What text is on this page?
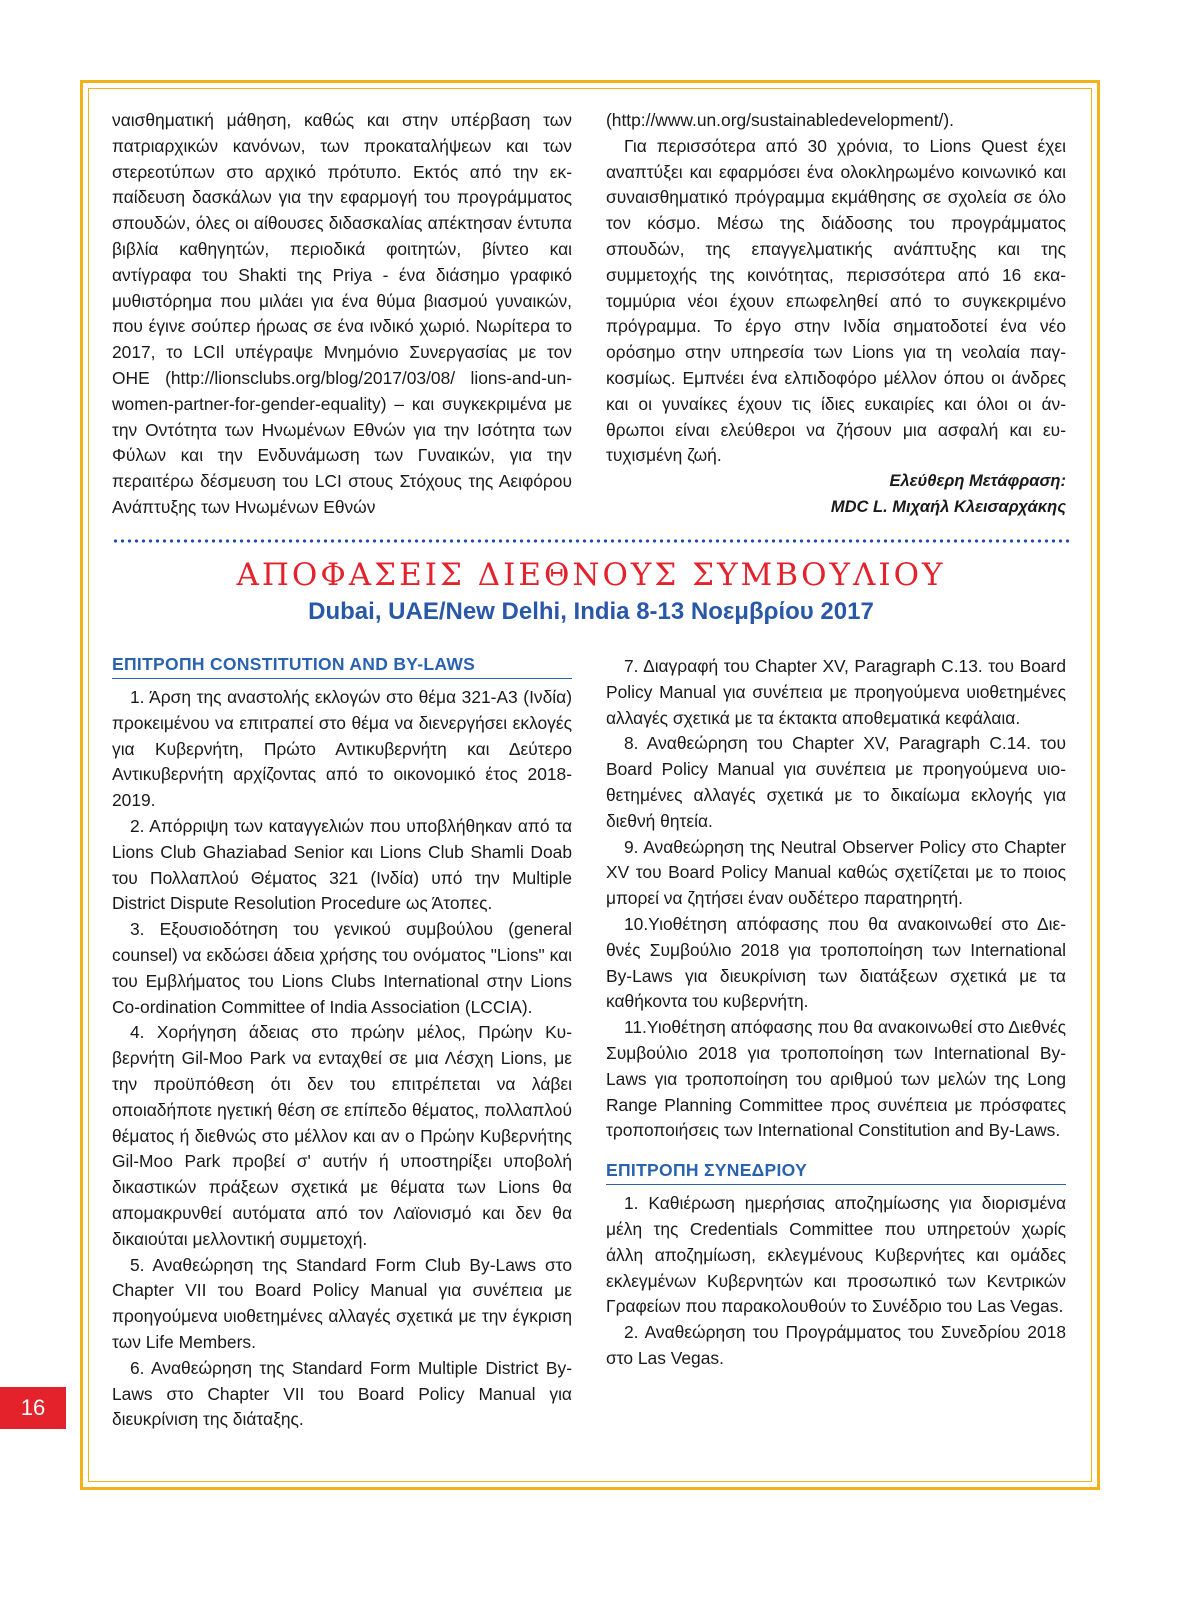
ναισθηματική μάθηση, καθώς και στην υπέρβαση των πατριαρχικών κανόνων, των προκαταλήψεων και των στερεοτύπων στο αρχικό πρότυπο. Εκτός από την εκπαίδευση δασκάλων για την εφαρμογή του προγράμματος σπουδών, όλες οι αίθουσες διδασκαλίας απέκτησαν έντυπα βιβλία καθηγητών, περιοδικά φοιτητών, βίντεο και αντίγραφα του Shakti της Priya - ένα διάσημο γραφικό μυθιστόρημα που μιλάει για ένα θύμα βιασμού γυναικών, που έγινε σούπερ ήρωας σε ένα ινδικό χωριό. Νωρίτερα το 2017, το LCIl υπέγραψε Μνημόνιο Συνεργασίας με τον ΟΗΕ (http://lionsclubs.org/blog/2017/03/08/ lions-and-un-women-partner-for-gender-equality) – και συγκεκριμένα με την Οντότητα των Ηνωμένων Εθνών για την Ισότητα των Φύλων και την Ενδυνάμωση των Γυναικών, για την περαιτέρω δέσμευση του LCI στους Στόχους της Αειφόρου Ανάπτυξης των Ηνωμένων Εθνών

(http://www.un.org/sustainabledevelopment/).

Για περισσότερα από 30 χρόνια, το Lions Quest έχει αναπτύξει και εφαρμόσει ένα ολοκληρωμένο κοινωνικό και συναισθηματικό πρόγραμμα εκμάθησης σε σχολεία σε όλο τον κόσμο. Μέσω της διάδοσης του προγράμματος σπουδών, της επαγγελματικής ανάπτυξης και της συμμετοχής της κοινότητας, περισσότερα από 16 εκατομμύρια νέοι έχουν επωφεληθεί από το συγκεκριμένο πρόγραμμα. Το έργο στην Ινδία σηματοδοτεί ένα νέο ορόσημο στην υπηρεσία των Lions για τη νεολαία παγκοσμίως. Εμπνέει ένα ελπιδοφόρο μέλλον όπου οι άνδρες και οι γυναίκες έχουν τις ίδιες ευκαιρίες και όλοι οι άνθρωποι είναι ελεύθεροι να ζήσουν μια ασφαλή και ευτυχισμένη ζωή.

Ελεύθερη Μετάφραση:

MDC L. Μιχαήλ Κλεισαρχάκης

ΑΠΟΦΑΣΕΙΣ ΔΙΕΘΝΟΥΣ ΣΥΜΒΟΥΛΙΟΥ
Dubai, UAE/New Delhi, India 8-13 Νοεμβρίου 2017

ΕΠΙΤΡΟΠΗ CONSTITUTION AND BY-LAWS

1. Άρση της αναστολής εκλογών στο θέμα 321-A3 (Ινδία) προκειμένου να επιτραπεί στο θέμα να διενεργήσει εκλογές για Κυβερνήτη, Πρώτο Αντικυβερνήτη και Δεύτερο Αντικυβερνήτη αρχίζοντας από το οικονομικό έτος 2018-2019.

2. Απόρριψη των καταγγελιών που υποβλήθηκαν από τα Lions Club Ghaziabad Senior και Lions Club Shamli Doab του Πολλαπλού Θέματος 321 (Ινδία) υπό την Multiple District Dispute Resolution Procedure ως Άτοπες.

3. Εξουσιοδότηση του γενικού συμβούλου (general counsel) να εκδώσει άδεια χρήσης του ονόματος "Lions" και του Εμβλήματος του Lions Clubs International στην Lions Co-ordination Committee of India Association (LCCIA).

4. Χορήγηση άδειας στο πρώην μέλος, Πρώην Κυβερνήτη Gil-Moo Park να ενταχθεί σε μια Λέσχη Lions, με την προϋπόθεση ότι δεν του επιτρέπεται να λάβει οποιαδήποτε ηγετική θέση σε επίπεδο θέματος, πολλαπλού θέματος ή διεθνώς στο μέλλον και αν ο Πρώην Κυβερνήτης Gil-Moo Park προβεί σ' αυτήν ή υποστηρίξει υποβολή δικαστικών πράξεων σχετικά με θέματα των Lions θα απομακρυνθεί αυτόματα από τον Λαϊονισμό και δεν θα δικαιούται μελλοντική συμμετοχή.

5. Αναθεώρηση της Standard Form Club By-Laws στο Chapter VII του Board Policy Manual για συνέπεια με προηγούμενα υιοθετημένες αλλαγές σχετικά με την έγκριση των Life Members.

6. Αναθεώρηση της Standard Form Multiple District By-Laws στο Chapter VII του Board Policy Manual για διευκρίνιση της διάταξης.

7. Διαγραφή του Chapter XV, Paragraph C.13. του Board Policy Manual για συνέπεια με προηγούμενα υιοθετημένες αλλαγές σχετικά με τα έκτακτα αποθεματικά κεφάλαια.

8. Αναθεώρηση του Chapter XV, Paragraph C.14. του Board Policy Manual για συνέπεια με προηγούμενα υιοθετημένες αλλαγές σχετικά με το δικαίωμα εκλογής για διεθνή θητεία.

9. Αναθεώρηση της Neutral Observer Policy στο Chapter XV του Board Policy Manual καθώς σχετίζεται με το ποιος μπορεί να ζητήσει έναν ουδέτερο παρατηρητή.

10.Υιοθέτηση απόφασης που θα ανακοινωθεί στο Διεθνές Συμβούλιο 2018 για τροποποίηση των International By-Laws για διευκρίνιση των διατάξεων σχετικά με τα καθήκοντα του κυβερνήτη.

11.Υιοθέτηση απόφασης που θα ανακοινωθεί στο Διεθνές Συμβούλιο 2018 για τροποποίηση των International By-Laws για τροποποίηση του αριθμού των μελών της Long Range Planning Committee προς συνέπεια με πρόσφατες τροποποιήσεις των International Constitution and By-Laws.

ΕΠΙΤΡΟΠΗ ΣΥΝΕΔΡΙΟΥ

1. Καθιέρωση ημερήσιας αποζημίωσης για διορισμένα μέλη της Credentials Committee που υπηρετούν χωρίς άλλη αποζημίωση, εκλεγμένους Κυβερνήτες και ομάδες εκλεγμένων Κυβερνητών και προσωπικό των Κεντρικών Γραφείων που παρακολουθούν το Συνέδριο του Las Vegas.

2. Αναθεώρηση του Προγράμματος του Συνεδρίου 2018 στο Las Vegas.

16
